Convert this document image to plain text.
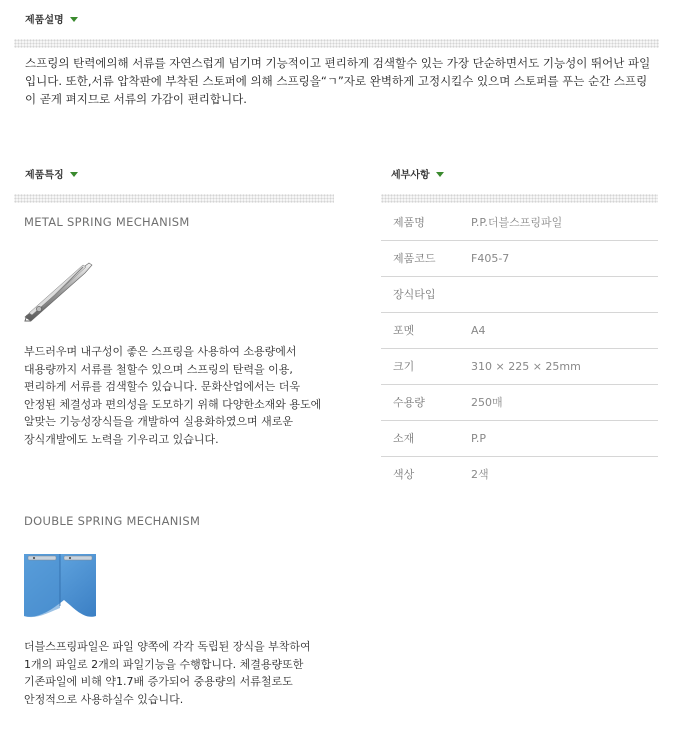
제품설명

스프링의 탄력에의해 서류를 자연스럽게 넘기며 기능적이고 편리하게 검색할수 있는 가장 단순하면서도 기능성이 뛰어난 파일입니다. 또한,서류 압착판에 부착된 스토퍼에 의해 스프링을“ㄱ”자로 완벽하게 고정시킬수 있으며 스토퍼를 푸는 순간 스프링이 곧게 펴지므로 서류의 가감이 편리합니다.

제품특징
METAL SPRING MECHANISM

부드러우며 내구성이 좋은 스프링을 사용하여 소용량에서 대용량까지 서류를 철할수 있으며 스프링의 탄력을 이용, 편리하게 서류를 검색할수 있습니다. 문화산업에서는 더욱 안정된 체결성과 편의성을 도모하기 위해 다양한소재와 용도에 알맞는 기능성장식들을 개발하여 실용화하였으며 새로운 장식개발에도 노력을 기우리고 있습니다.

DOUBLE SPRING MECHANISM

더블스프링파일은 파일 양쪽에 각각 독립된 장식을 부착하여 1개의 파일로 2개의 파일기능을 수행합니다. 체결용량또한 기존파일에 비해 약1.7배 증가되어 중용량의 서류철로도 안정적으로 사용하실수 있습니다.

세부사항
제품명	P.P.더블스프링파일
제품코드	F405-7
장식타입	
포멧	A4
크기	310 × 225 × 25mm
수용량	250매
소재	P.P
색상	2색
